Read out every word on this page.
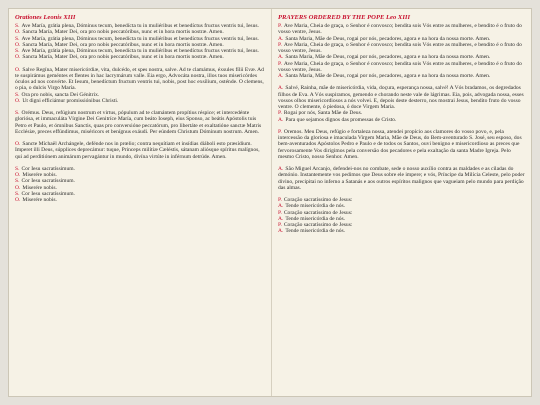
Orationes Leonis XIII

S. Ave María, grátia plena, Dóminus tecum, benedícta tu in muliéribus et benedíctus fructus ventris tui, Iesus.

O. Sancta María, Mater Dei, ora pro nobis peccatóribus, nunc et in hora mortis nostræ. Amen.

S. Ave María, grátia plena, Dóminus tecum, benedícta tu in muliéribus et benedíctus fructus ventris tui, Iesus.

O. Sancta María, Mater Dei, ora pro nobis peccatóribus, nunc et in hora mortis nostræ. Amen.

S. Ave María, grátia plena, Dóminus tecum, benedícta tu in muliéribus et benedíctus fructus ventris tui, Iesus.

O. Sancta María, Mater Dei, ora pro nobis peccatóribus, nunc et in hora mortis nostræ. Amen.

O. Salve Regína, Mater misericórdiæ, vita, dulcédo, et spes nostra, salve. Ad te clamámus, éxsules fílii Evæ. Ad te suspirámus geméntes et flentes in hac lacrymárum valle. Eia ergo, Advocáta nostra, illos tuos misericórdes óculos ad nos convérte. Et Iesum, benedíctum fructum ventris tui, nobis, post hoc exsílium, osténde. O clemens, o pia, o dulcis Virgo María.

S. Ora pro nobis, sancta Dei Génitrix.

O. Ut digni efficiámur promissiónibus Christi.

S. Orémus. Deus, refúgium nostrum et virtus, pópulum ad te clamántem propítius réspice; et intercedénte gloriósa, et immaculáta Vírgine Dei Genitríce María, cum beáto Ioseph, eius Sponso, ac beátis Apóstolis tuis Petro et Paulo, et ómnibus Sanctis, quas pro conversióne peccatórum, pro libertáte et exaltatióne sanctæ Matris Ecclésiæ, preces effúndimus, miséricors et benígnus exáudi. Per eúndem Christum Dóminum nostrum. Amen.

O. Sancte Míchaël Archángele, defénde nos in prœlio; contra nequítiam et insídias diáboli esto præsídium. Imperet illi Deus, súpplices deprecámur: tuque, Princeps milítiæ Cæléstis, sátanam aliósque spíritus malígnos, qui ad perditiónem animárum pervagántur in mundo, divína virtúte in inférnum detrúde. Amen.

S. Cor Iesu sacratíssimum.

O. Miserére nobis.

S. Cor Iesu sacratíssimum.

O. Miserére nobis.

S. Cor Iesu sacratíssimum.

O. Miserére nobis.

PRAYERS ORDERED BY THE POPE Leo XIII

P. Ave Maria, Cheia de graça, o Senhor é convosco; bendita sois Vós entre as mulheres, e bendito é o fruto do vosso ventre, Jesus.

A. Santa Maria, Mãe de Deus, rogai por nós, pecadores, agora e na hora da nossa morte. Amen.

P. Ave Maria, Cheia de graça, o Senhor é convosco; bendita sois Vós entre as mulheres, e bendito é o fruto do vosso ventre, Jesus.

A. Santa Maria, Mãe de Deus, rogai por nós, pecadores, agora e na hora da nossa morte. Amen.

P. Ave Maria, Cheia de graça, o Senhor é convosco; bendita sois Vós entre as mulheres, e bendito é o fruto do vosso ventre, Jesus.

A. Santa Maria, Mãe de Deus, rogai por nós, pecadores, agora e na hora da nossa morte. Amen.

A. Salvé, Rainha, mãe de misericórdia, vida, doçura, esperança nossa, salvé! A Vós bradamos, os degredados filhos de Eva. A Vós suspiramos, gemendo e chorando neste vale de lágrimas. Eia, pois, advogada nossa, esses vossos olhos misericordiosos a nós volvei. E, depois deste desterro, nos mostrai Jesus, bendito fruto do vosso ventre. O clemente, ó piedosa, ó doce Virgem Maria.

P. Rogai por nós, Santa Mãe de Deus.

A. Para que sejamos dignos das promessas de Cristo.

P. Oremos. Meu Deus, refúgio e fortaleza nossa, atendei propício aos clamores do vosso povo, e, pela intercessão da gloriosa e imaculada Virgem Maria, Mãe de Deus, do Bem-aventurado S. José, seu esposo, dos bem-aventurados Apóstolos Pedro e Paulo e de todos os Santos, ouvi benigno e misericordioso as preces que fervorosamente Vos dirigimos pela conversão dos pecadores e pela exaltação da santa Madre Igreja. Pelo mesmo Cristo, nosso Senhor. Amen.

A. São Miguel Arcanjo, defendei-nos no combate, sede o nosso auxílio contra as maldades e as ciladas do demónio. Instantemente vos pedimos que Deus sobre ele impere; e vós, Príncipe da Milícia Celeste, pelo poder divino, precipitai no inferno a Satanás e aos outros espíritos malignos que vagueiam pelo mundo para perdição das almas.

P. Coração sacratíssimo de Jesus:

A. Tende misericórdia de nós.

P. Coração sacratíssimo de Jesus:

A. Tende misericórdia de nós.

P. Coração sacratíssimo de Jesus:

A. Tende misericórdia de nós.
